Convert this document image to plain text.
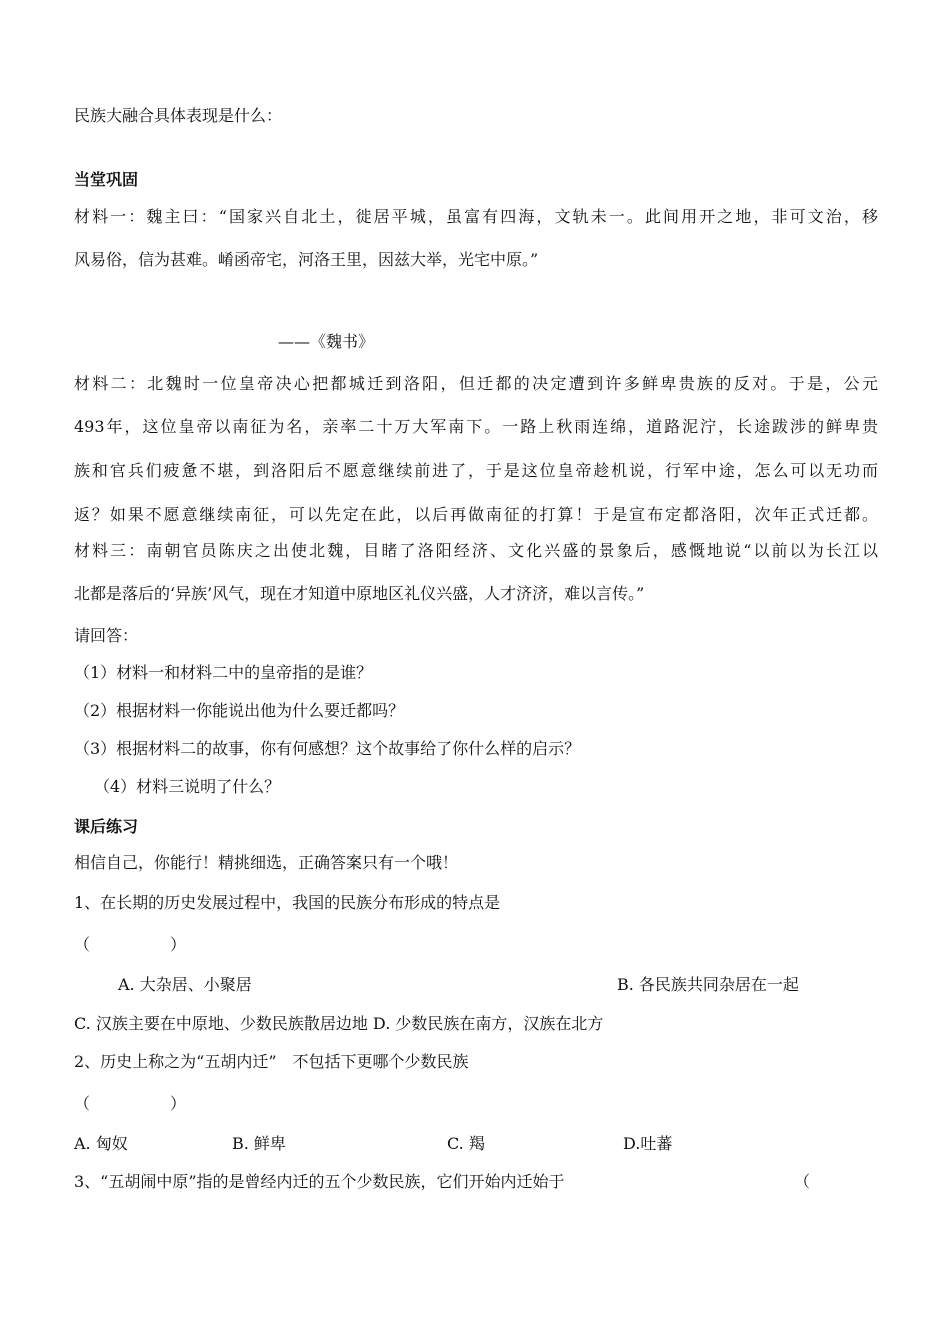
民族大融合具体表现是什么：
当堂巩固
材料一：魏主曰：“国家兴自北土，徙居平城，虽富有四海，文轨未一。此间用开之地，非可文治，移
风易俗，信为甚难。崤函帝宅，河洛王里，因兹大举，光宅中原。”
——《魏书》
材料二：北魏时一位皇帝决心把都城迁到洛阳，但迁都的决定遭到许多鲜卑贵族的反对。于是，公元
493年，这位皇帝以南征为名，亲率二十万大军南下。一路上秋雨连绵，道路泥泞，长途跋涉的鲜卑贵
族和官兵们疲惫不堪，到洛阳后不愿意继续前进了，于是这位皇帝趁机说，行军中途，怎么可以无功而
返？如果不愿意继续南征，可以先定在此，以后再做南征的打算！于是宣布定都洛阳，次年正式迁都。
材料三：南朝官员陈庆之出使北魏，目睹了洛阳经济、文化兴盛的景象后，感慨地说“以前以为长江以
北都是落后的‘异族’风气，现在才知道中原地区礼仪兴盛，人才济济，难以言传。”
请回答：
（1）材料一和材料二中的皇帝指的是谁？
（2）根据材料一你能说出他为什么要迁都吗？
（3）根据材料二的故事，你有何感想？这个故事给了你什么样的启示？
（4）材料三说明了什么？
课后练习
相信自己，你能行！精挑细选，正确答案只有一个哦！
1、在长期的历史发展过程中，我国的民族分布形成的特点是
（　　　　　）
A. 大杂居、小聚居	B. 各民族共同杂居在一起
C. 汉族主要在中原地、少数民族散居边地 D. 少数民族在南方，汉族在北方
2、历史上称之为“五胡内迁”　不包括下更哪个少数民族
（　　　　　）
A. 匈奴	B. 鲜卑	C. 羯	D.吐蕃
3、“五胡闹中原”指的是曾经内迁的五个少数民族，它们开始内迁始于	（
